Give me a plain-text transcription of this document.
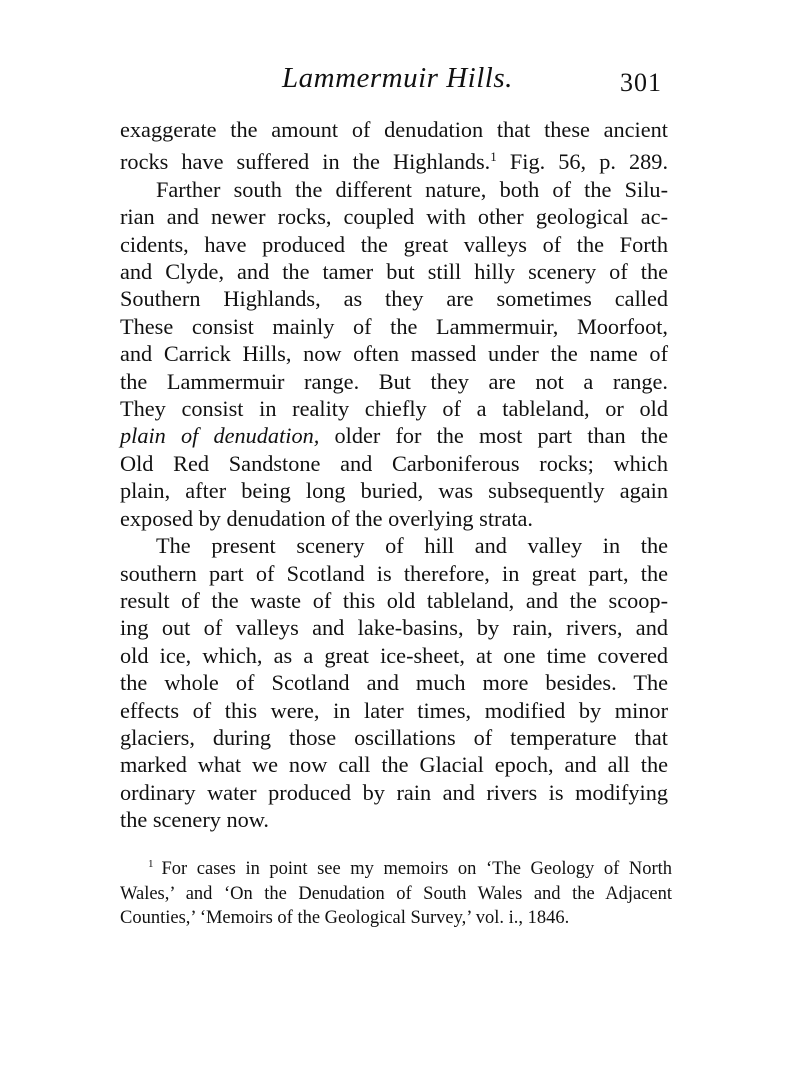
Lammermuir Hills.	301
exaggerate the amount of denudation that these ancient
rocks have suffered in the Highlands.$^1$ Fig. 56, p. 289.
Farther south the different nature, both of the Silu-
rian and newer rocks, coupled with other geological ac-
cidents, have produced the great valleys of the Forth
and Clyde, and the tamer but still hilly scenery of the
Southern Highlands, as they are sometimes called
These consist mainly of the Lammermuir, Moorfoot,
and Carrick Hills, now often massed under the name of
the Lammermuir range. But they are not a range.
They consist in reality chiefly of a tableland, or old
plain of denudation, older for the most part than the
Old Red Sandstone and Carboniferous rocks; which
plain, after being long buried, was subsequently again
exposed by denudation of the overlying strata.
The present scenery of hill and valley in the
southern part of Scotland is therefore, in great part, the
result of the waste of this old tableland, and the scoop-
ing out of valleys and lake-basins, by rain, rivers, and
old ice, which, as a great ice-sheet, at one time covered
the whole of Scotland and much more besides. The
effects of this were, in later times, modified by minor
glaciers, during those oscillations of temperature that
marked what we now call the Glacial epoch, and all the
ordinary water produced by rain and rivers is modifying
the scenery now.
$^1$ For cases in point see my memoirs on ‘The Geology of North
Wales,’ and ‘On the Denudation of South Wales and the Adjacent
Counties,’ ‘Memoirs of the Geological Survey,’ vol. i., 1846.
